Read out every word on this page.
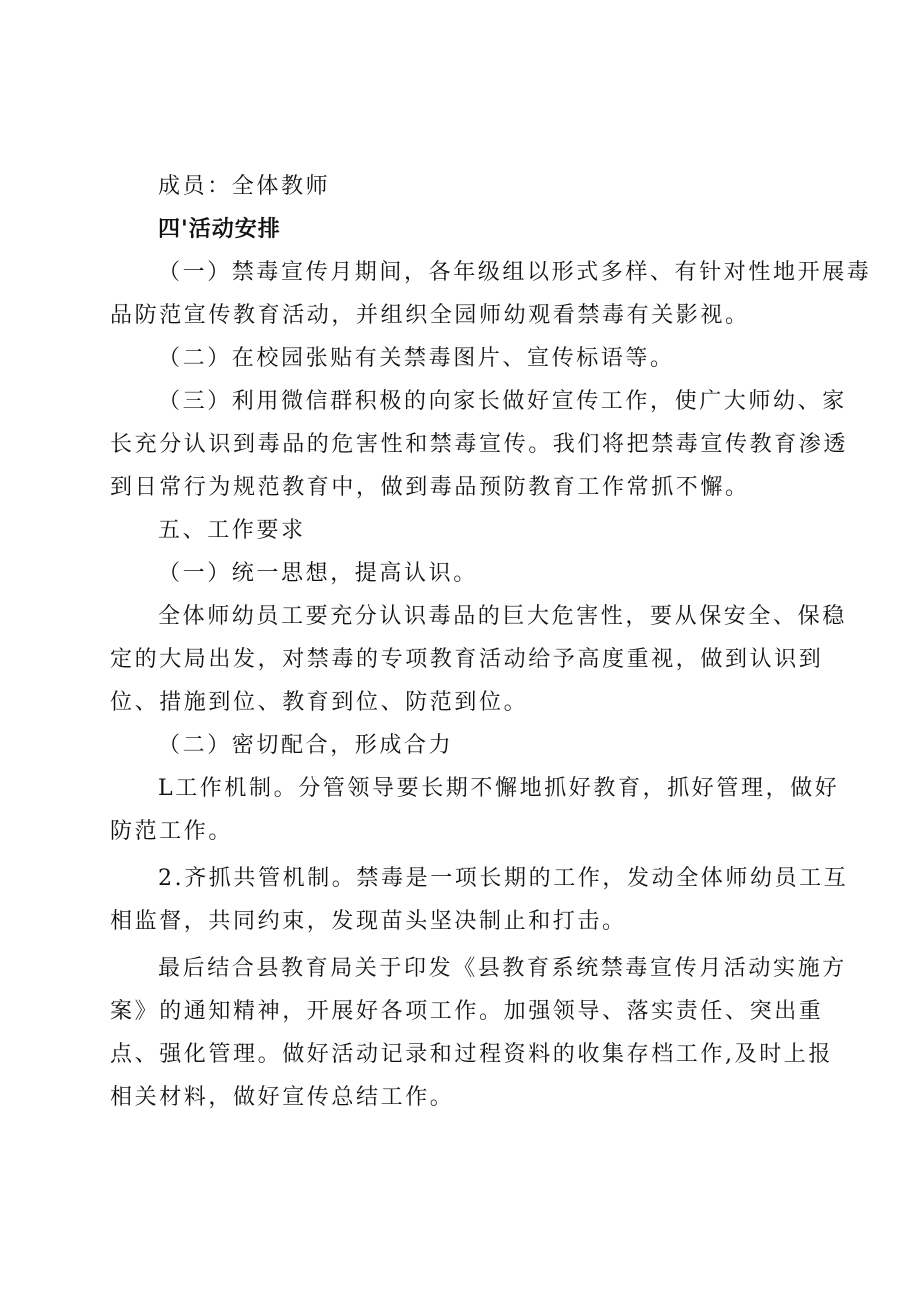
成员：全体教师
四'活动安排
（一）禁毒宣传月期间，各年级组以形式多样、有针对性地开展毒
品防范宣传教育活动，并组织全园师幼观看禁毒有关影视。
（二）在校园张贴有关禁毒图片、宣传标语等。
（三）利用微信群积极的向家长做好宣传工作，使广大师幼、家
长充分认识到毒品的危害性和禁毒宣传。我们将把禁毒宣传教育渗透
到日常行为规范教育中，做到毒品预防教育工作常抓不懈。
五、工作要求
（一）统一思想，提高认识。
全体师幼员工要充分认识毒品的巨大危害性，要从保安全、保稳
定的大局出发，对禁毒的专项教育活动给予高度重视，做到认识到
位、措施到位、教育到位、防范到位。
（二）密切配合，形成合力
L工作机制。分管领导要长期不懈地抓好教育，抓好管理，做好
防范工作。
2.齐抓共管机制。禁毒是一项长期的工作，发动全体师幼员工互
相监督，共同约束，发现苗头坚决制止和打击。
最后结合县教育局关于印发《县教育系统禁毒宣传月活动实施方
案》的通知精神，开展好各项工作。加强领导、落实责任、突出重
点、强化管理。做好活动记录和过程资料的收集存档工作,及时上报
相关材料，做好宣传总结工作。
